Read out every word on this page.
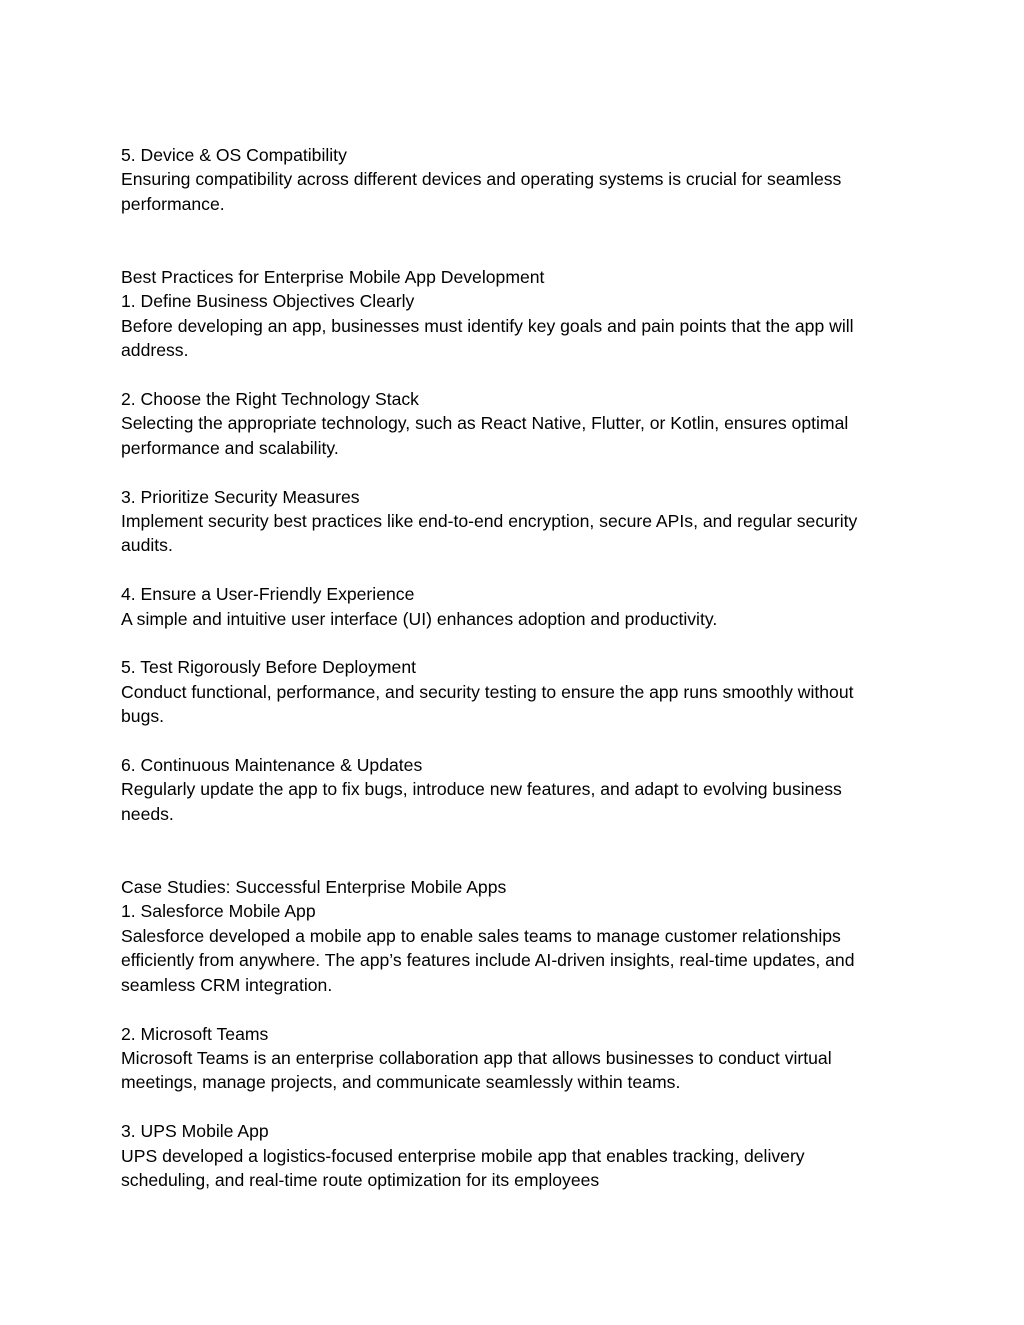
5. Device & OS Compatibility

Ensuring compatibility across different devices and operating systems is crucial for seamless

performance.

Best Practices for Enterprise Mobile App Development

1. Define Business Objectives Clearly

Before developing an app, businesses must identify key goals and pain points that the app will

address.

2. Choose the Right Technology Stack

Selecting the appropriate technology, such as React Native, Flutter, or Kotlin, ensures optimal

performance and scalability.

3. Prioritize Security Measures

Implement security best practices like end-to-end encryption, secure APIs, and regular security

audits.

4. Ensure a User-Friendly Experience

A simple and intuitive user interface (UI) enhances adoption and productivity.

5. Test Rigorously Before Deployment

Conduct functional, performance, and security testing to ensure the app runs smoothly without

bugs.

6. Continuous Maintenance & Updates

Regularly update the app to fix bugs, introduce new features, and adapt to evolving business

needs.

Case Studies: Successful Enterprise Mobile Apps

1. Salesforce Mobile App

Salesforce developed a mobile app to enable sales teams to manage customer relationships

efficiently from anywhere. The app’s features include AI-driven insights, real-time updates, and

seamless CRM integration.

2. Microsoft Teams

Microsoft Teams is an enterprise collaboration app that allows businesses to conduct virtual

meetings, manage projects, and communicate seamlessly within teams.

3. UPS Mobile App

UPS developed a logistics-focused enterprise mobile app that enables tracking, delivery

scheduling, and real-time route optimization for its employees
